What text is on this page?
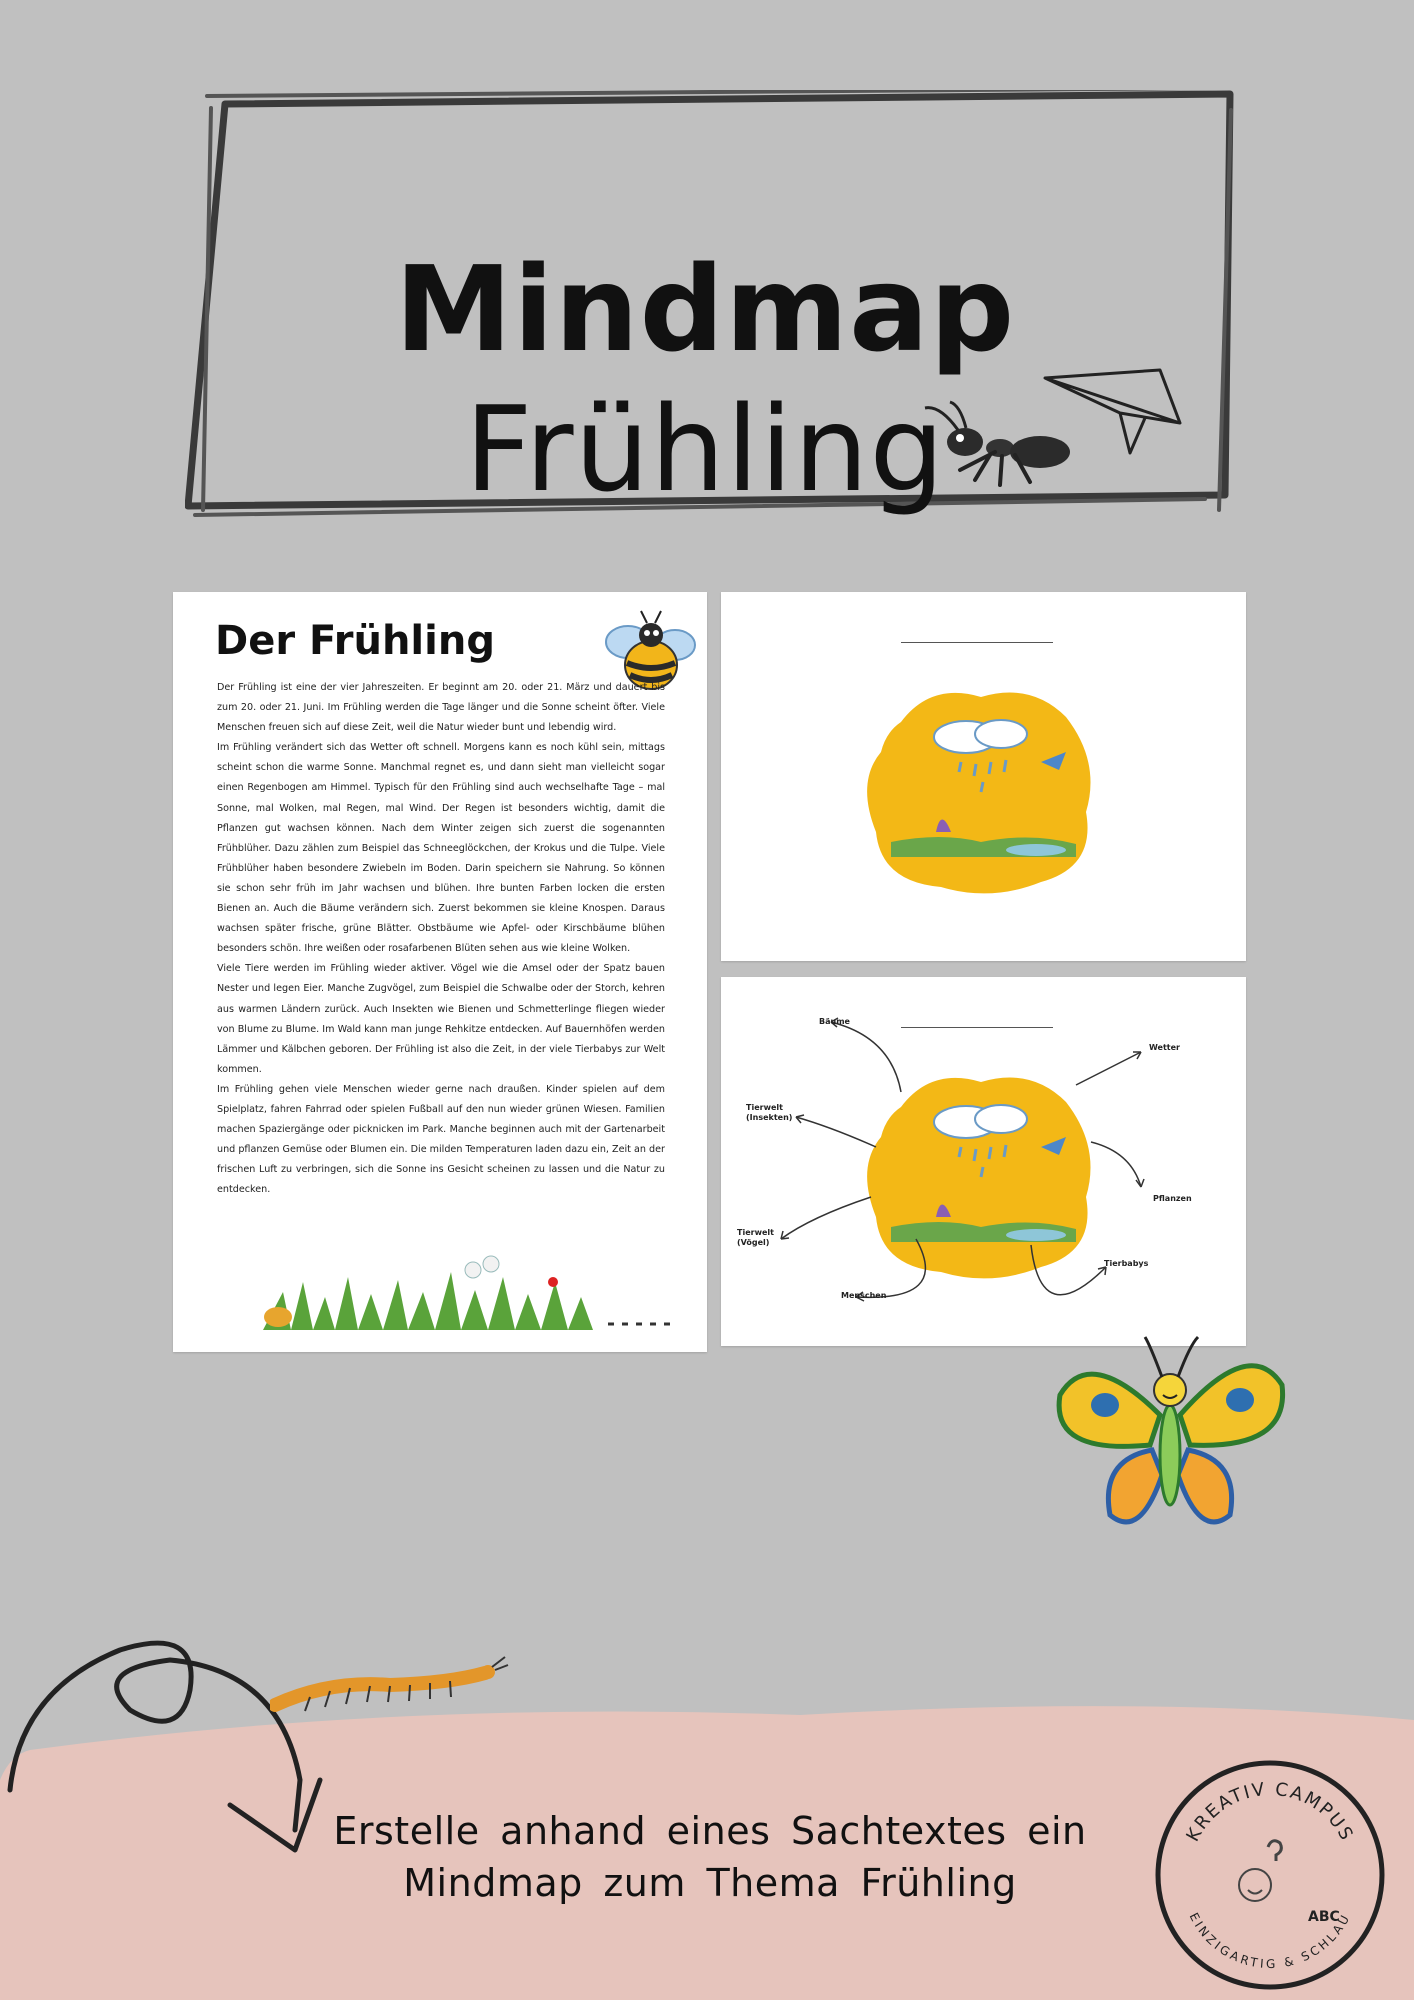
Mindmap
Frühling
Der Frühling

Der Frühling ist eine der vier Jahreszeiten. Er beginnt am 20. oder 21. März und dauert bis zum 20. oder 21. Juni. Im Frühling werden die Tage länger und die Sonne scheint öfter. Viele Menschen freuen sich auf diese Zeit, weil die Natur wieder bunt und lebendig wird.

Im Frühling verändert sich das Wetter oft schnell. Morgens kann es noch kühl sein, mittags scheint schon die warme Sonne. Manchmal regnet es, und dann sieht man vielleicht sogar einen Regenbogen am Himmel. Typisch für den Frühling sind auch wechselhafte Tage – mal Sonne, mal Wolken, mal Regen, mal Wind. Der Regen ist besonders wichtig, damit die Pflanzen gut wachsen können. Nach dem Winter zeigen sich zuerst die sogenannten Frühblüher. Dazu zählen zum Beispiel das Schneeglöckchen, der Krokus und die Tulpe. Viele Frühblüher haben besondere Zwiebeln im Boden. Darin speichern sie Nahrung. So können sie schon sehr früh im Jahr wachsen und blühen. Ihre bunten Farben locken die ersten Bienen an. Auch die Bäume verändern sich. Zuerst bekommen sie kleine Knospen. Daraus wachsen später frische, grüne Blätter. Obstbäume wie Apfel- oder Kirschbäume blühen besonders schön. Ihre weißen oder rosafarbenen Blüten sehen aus wie kleine Wolken.

Viele Tiere werden im Frühling wieder aktiver. Vögel wie die Amsel oder der Spatz bauen Nester und legen Eier. Manche Zugvögel, zum Beispiel die Schwalbe oder der Storch, kehren aus warmen Ländern zurück. Auch Insekten wie Bienen und Schmetterlinge fliegen wieder von Blume zu Blume. Im Wald kann man junge Rehkitze entdecken. Auf Bauernhöfen werden Lämmer und Kälbchen geboren. Der Frühling ist also die Zeit, in der viele Tierbabys zur Welt kommen.

Im Frühling gehen viele Menschen wieder gerne nach draußen. Kinder spielen auf dem Spielplatz, fahren Fahrrad oder spielen Fußball auf den nun wieder grünen Wiesen. Familien machen Spaziergänge oder picknicken im Park. Manche beginnen auch mit der Gartenarbeit und pflanzen Gemüse oder Blumen ein. Die milden Temperaturen laden dazu ein, Zeit an der frischen Luft zu verbringen, sich die Sonne ins Gesicht scheinen zu lassen und die Natur zu entdecken.

Bäume
Wetter
Tierwelt
(Insekten)
Pflanzen
Tierwelt
(Vögel)
Menschen
Tierbabys
Erstelle anhand eines Sachtextes ein
Mindmap zum Thema Frühling
KREATIV CAMPUS
EINZIGARTIG & SCHLAU
ABC
